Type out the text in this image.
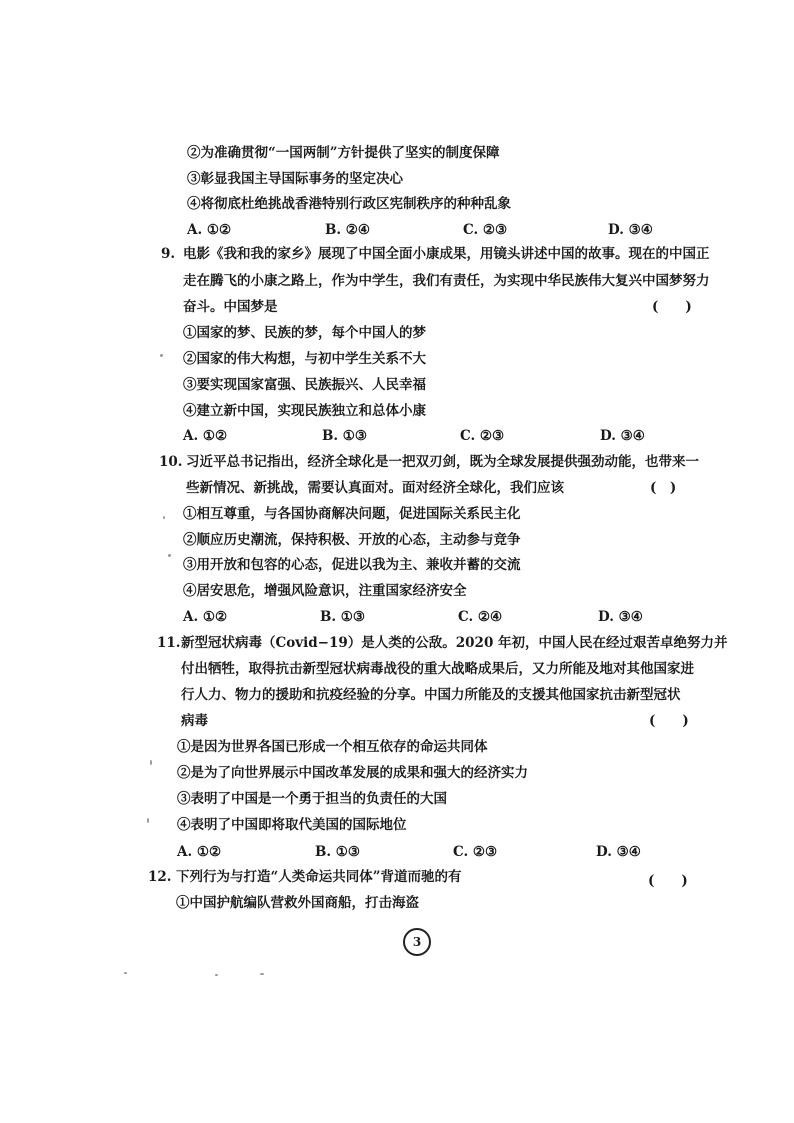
②为准确贯彻“一国两制”方针提供了坚实的制度保障
③彰显我国主导国际事务的坚定决心
④将彻底杜绝挑战香港特别行政区宪制秩序的种种乱象
A. ①②	B. ②④	C. ②③	D. ③④
9. 电影《我和我的家乡》展现了中国全面小康成果，用镜头讲述中国的故事。现在的中国正
走在腾飞的小康之路上，作为中学生，我们有责任，为实现中华民族伟大复兴中国梦努力
奋斗。中国梦是	(　　)
①国家的梦、民族的梦，每个中国人的梦
②国家的伟大构想，与初中学生关系不大
③要实现国家富强、民族振兴、人民幸福
④建立新中国，实现民族独立和总体小康
A. ①②	B. ①③	C. ②③	D. ③④
10. 习近平总书记指出，经济全球化是一把双刃剑，既为全球发展提供强劲动能，也带来一
些新情况、新挑战，需要认真面对。面对经济全球化，我们应该	(　)
①相互尊重，与各国协商解决问题，促进国际关系民主化
②顺应历史潮流，保持积极、开放的心态，主动参与竞争
③用开放和包容的心态，促进以我为主、兼收并蓄的交流
④居安思危，增强风险意识，注重国家经济安全
A. ①②	B. ①③	C. ②④	D. ③④
11. 新型冠状病毒（Covid−19）是人类的公敌。2020 年初，中国人民在经过艰苦卓绝努力并
付出牺牲，取得抗击新型冠状病毒战役的重大战略成果后，又力所能及地对其他国家进
行人力、物力的援助和抗疫经验的分享。中国力所能及的支援其他国家抗击新型冠状
病毒	(　　)
①是因为世界各国已形成一个相互依存的命运共同体
②是为了向世界展示中国改革发展的成果和强大的经济实力
③表明了中国是一个勇于担当的负责任的大国
④表明了中国即将取代美国的国际地位
A. ①②	B. ①③	C. ②③	D. ③④
12. 下列行为与打造“人类命运共同体”背道而驰的有	(　　)
①中国护航编队营救外国商船，打击海盗
3
